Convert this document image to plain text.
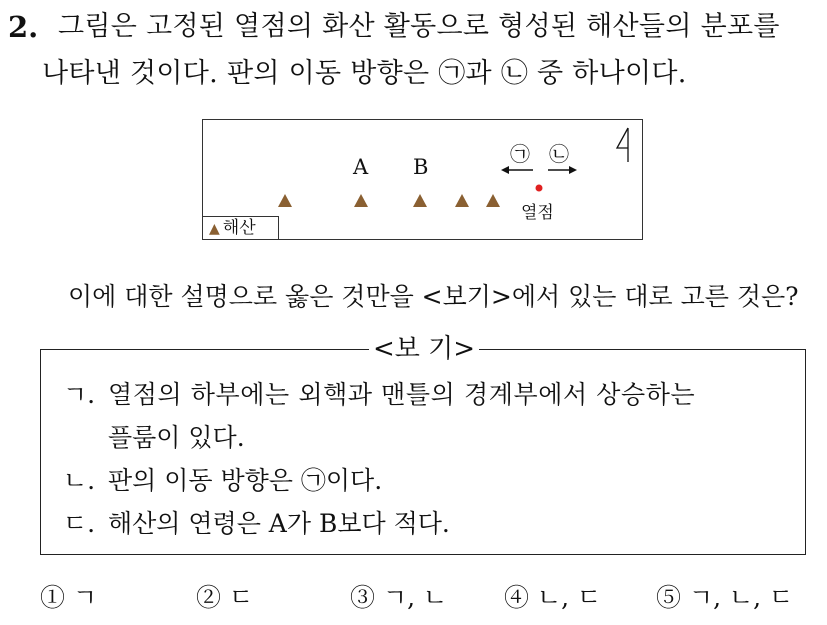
2. 그림은 고정된 열점의 화산 활동으로 형성된 해산들의 분포를
나타낸 것이다. 판의 이동 방향은 ㉠과 ㉡ 중 하나이다.
A B
㉠ ㉡
열점
▲ 해산
이에 대한 설명으로 옳은 것만을 <보기>에서 있는 대로 고른 것은?
<보 기>
ㄱ. 열점의 하부에는 외핵과 맨틀의 경계부에서 상승하는
플룸이 있다.
ㄴ. 판의 이동 방향은 ㉠이다.
ㄷ. 해산의 연령은 A가 B보다 적다.
① ㄱ	② ㄷ	③ ㄱ, ㄴ ④ ㄴ, ㄷ ⑤ ㄱ, ㄴ, ㄷ
